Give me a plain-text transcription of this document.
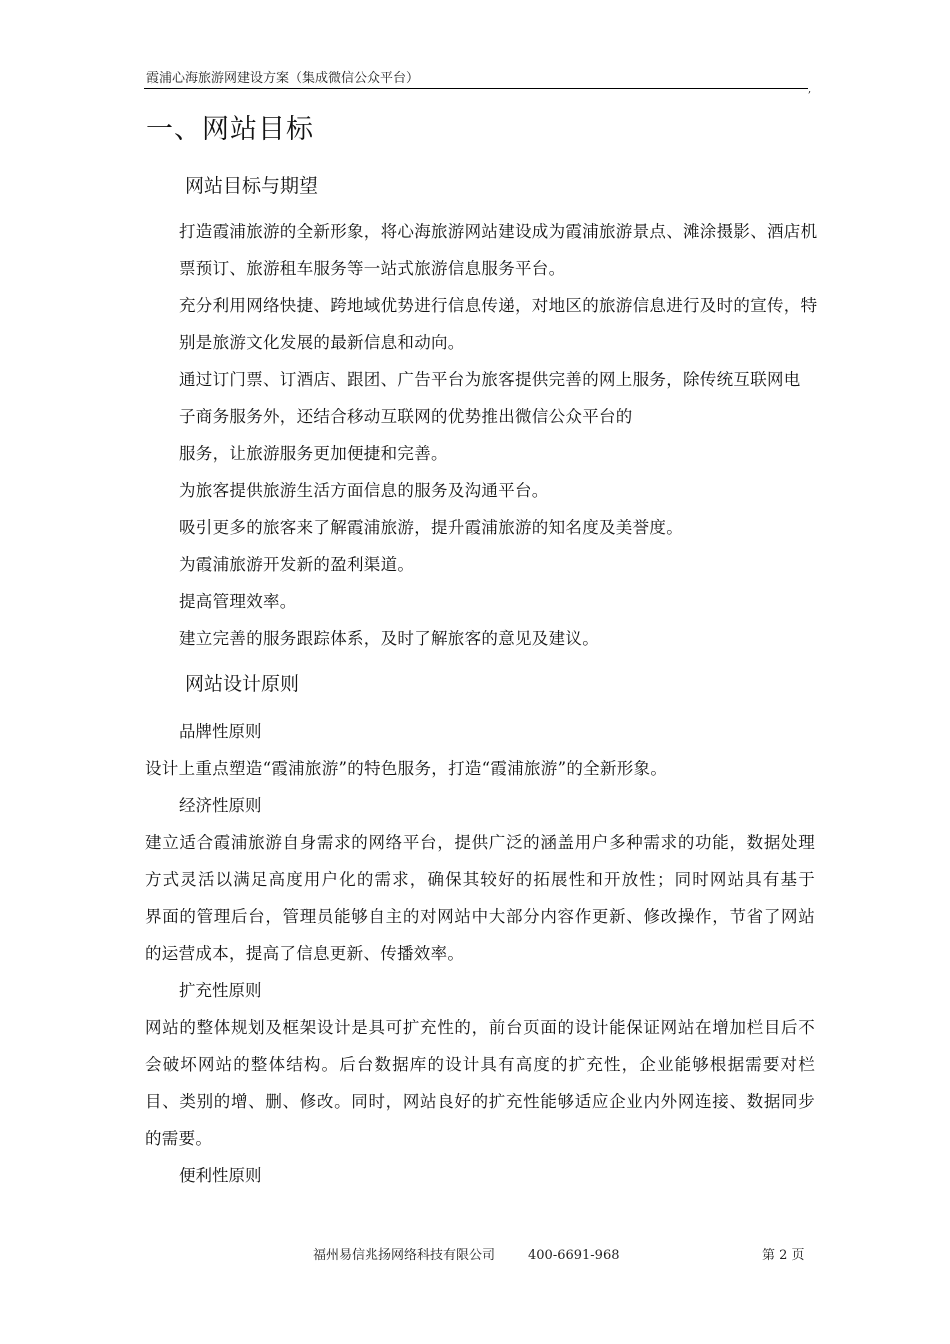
霞浦心海旅游网建设方案（集成微信公众平台）
,
一、网站目标
网站目标与期望
打造霞浦旅游的全新形象，将心海旅游网站建设成为霞浦旅游景点、滩涂摄影、酒店机票预订、旅游租车服务等一站式旅游信息服务平台。
充分利用网络快捷、跨地域优势进行信息传递，对地区的旅游信息进行及时的宣传，特别是旅游文化发展的最新信息和动向。
通过订门票、订酒店、跟团、广告平台为旅客提供完善的网上服务，除传统互联网电子商务服务外，还结合移动互联网的优势推出微信公众平台的
服务，让旅游服务更加便捷和完善。
为旅客提供旅游生活方面信息的服务及沟通平台。
吸引更多的旅客来了解霞浦旅游，提升霞浦旅游的知名度及美誉度。
为霞浦旅游开发新的盈利渠道。
提高管理效率。
建立完善的服务跟踪体系，及时了解旅客的意见及建议。
网站设计原则
品牌性原则
设计上重点塑造“霞浦旅游”的特色服务，打造“霞浦旅游”的全新形象。
经济性原则
建立适合霞浦旅游自身需求的网络平台，提供广泛的涵盖用户多种需求的功能，数据处理方式灵活以满足高度用户化的需求，确保其较好的拓展性和开放性；同时网站具有基于　　界面的管理后台，管理员能够自主的对网站中大部分内容作更新、修改操作，节省了网站的运营成本，提高了信息更新、传播效率。
扩充性原则
网站的整体规划及框架设计是具可扩充性的，前台页面的设计能保证网站在增加栏目后不会破坏网站的整体结构。后台数据库的设计具有高度的扩充性，企业能够根据需要对栏目、类别的增、删、修改。同时，网站良好的扩充性能够适应企业内外网连接、数据同步的需要。
便利性原则
福州易信兆扬网络科技有限公司	400-6691-968	第 2 页
